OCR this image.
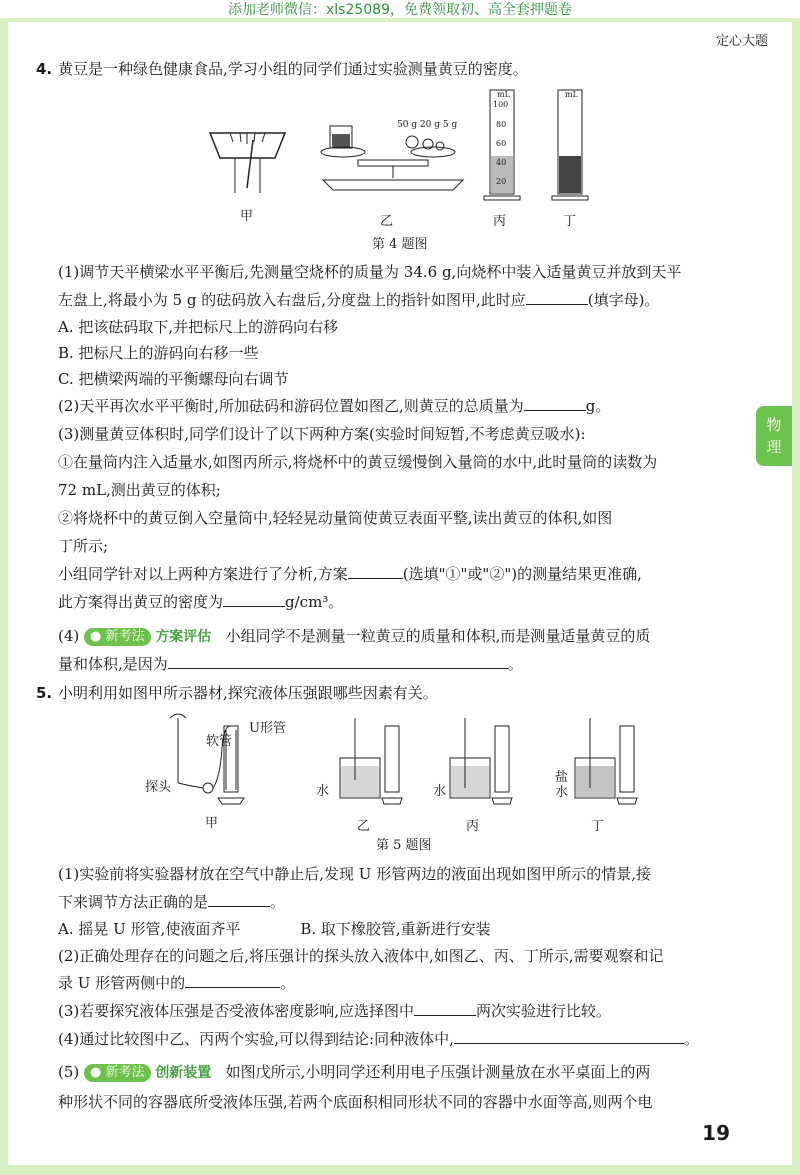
添加老师微信：xls25089，免费领取初、高全套押题卷
定心大题
物
理
4. 黄豆是一种绿色健康食品,学习小组的同学们通过实验测量黄豆的密度。
50 g 20 g 5 g
mL	mL
100
80
60
40
20
甲	乙	丙	丁
第 4 题图
(1)调节天平横梁水平平衡后,先测量空烧杯的质量为 34.6 g,向烧杯中装入适量黄豆并放到天平
左盘上,将最小为 5 g 的砝码放入右盘后,分度盘上的指针如图甲,此时应	(填字母)。
A. 把该砝码取下,并把标尺上的游码向右移
B. 把标尺上的游码向右移一些
C. 把横梁两端的平衡螺母向右调节
(2)天平再次水平平衡时,所加砝码和游码位置如图乙,则黄豆的总质量为	g。
(3)测量黄豆体积时,同学们设计了以下两种方案(实验时间短暂,不考虑黄豆吸水):
①在量筒内注入适量水,如图丙所示,将烧杯中的黄豆缓慢倒入量筒的水中,此时量筒的读数为
72 mL,测出黄豆的体积;
②将烧杯中的黄豆倒入空量筒中,轻轻晃动量筒使黄豆表面平整,读出黄豆的体积,如图
丁所示;
小组同学针对以上两种方案进行了分析,方案	(选填"①"或"②")的测量结果更准确,
此方案得出黄豆的密度为	g/cm³。
(4) ● 新考法 方案评估 小组同学不是测量一粒黄豆的质量和体积,而是测量适量黄豆的质
量和体积,是因为	。
5. 小明利用如图甲所示器材,探究液体压强跟哪些因素有关。
软管
U形管
探头	水	水
盐水
甲	乙	丙	丁
第 5 题图
(1)实验前将实验器材放在空气中静止后,发现 U 形管两边的液面出现如图甲所示的情景,接
下来调节方法正确的是	。
A. 摇晃 U 形管,使液面齐平	B. 取下橡胶管,重新进行安装
(2)正确处理存在的问题之后,将压强计的探头放入液体中,如图乙、丙、丁所示,需要观察和记
录 U 形管两侧中的	。
(3)若要探究液体压强是否受液体密度影响,应选择图中	两次实验进行比较。
(4)通过比较图中乙、丙两个实验,可以得到结论:同种液体中,	。
(5) ● 新考法 创新装置 如图戊所示,小明同学还利用电子压强计测量放在水平桌面上的两
种形状不同的容器底所受液体压强,若两个底面积相同形状不同的容器中水面等高,则两个电
19
